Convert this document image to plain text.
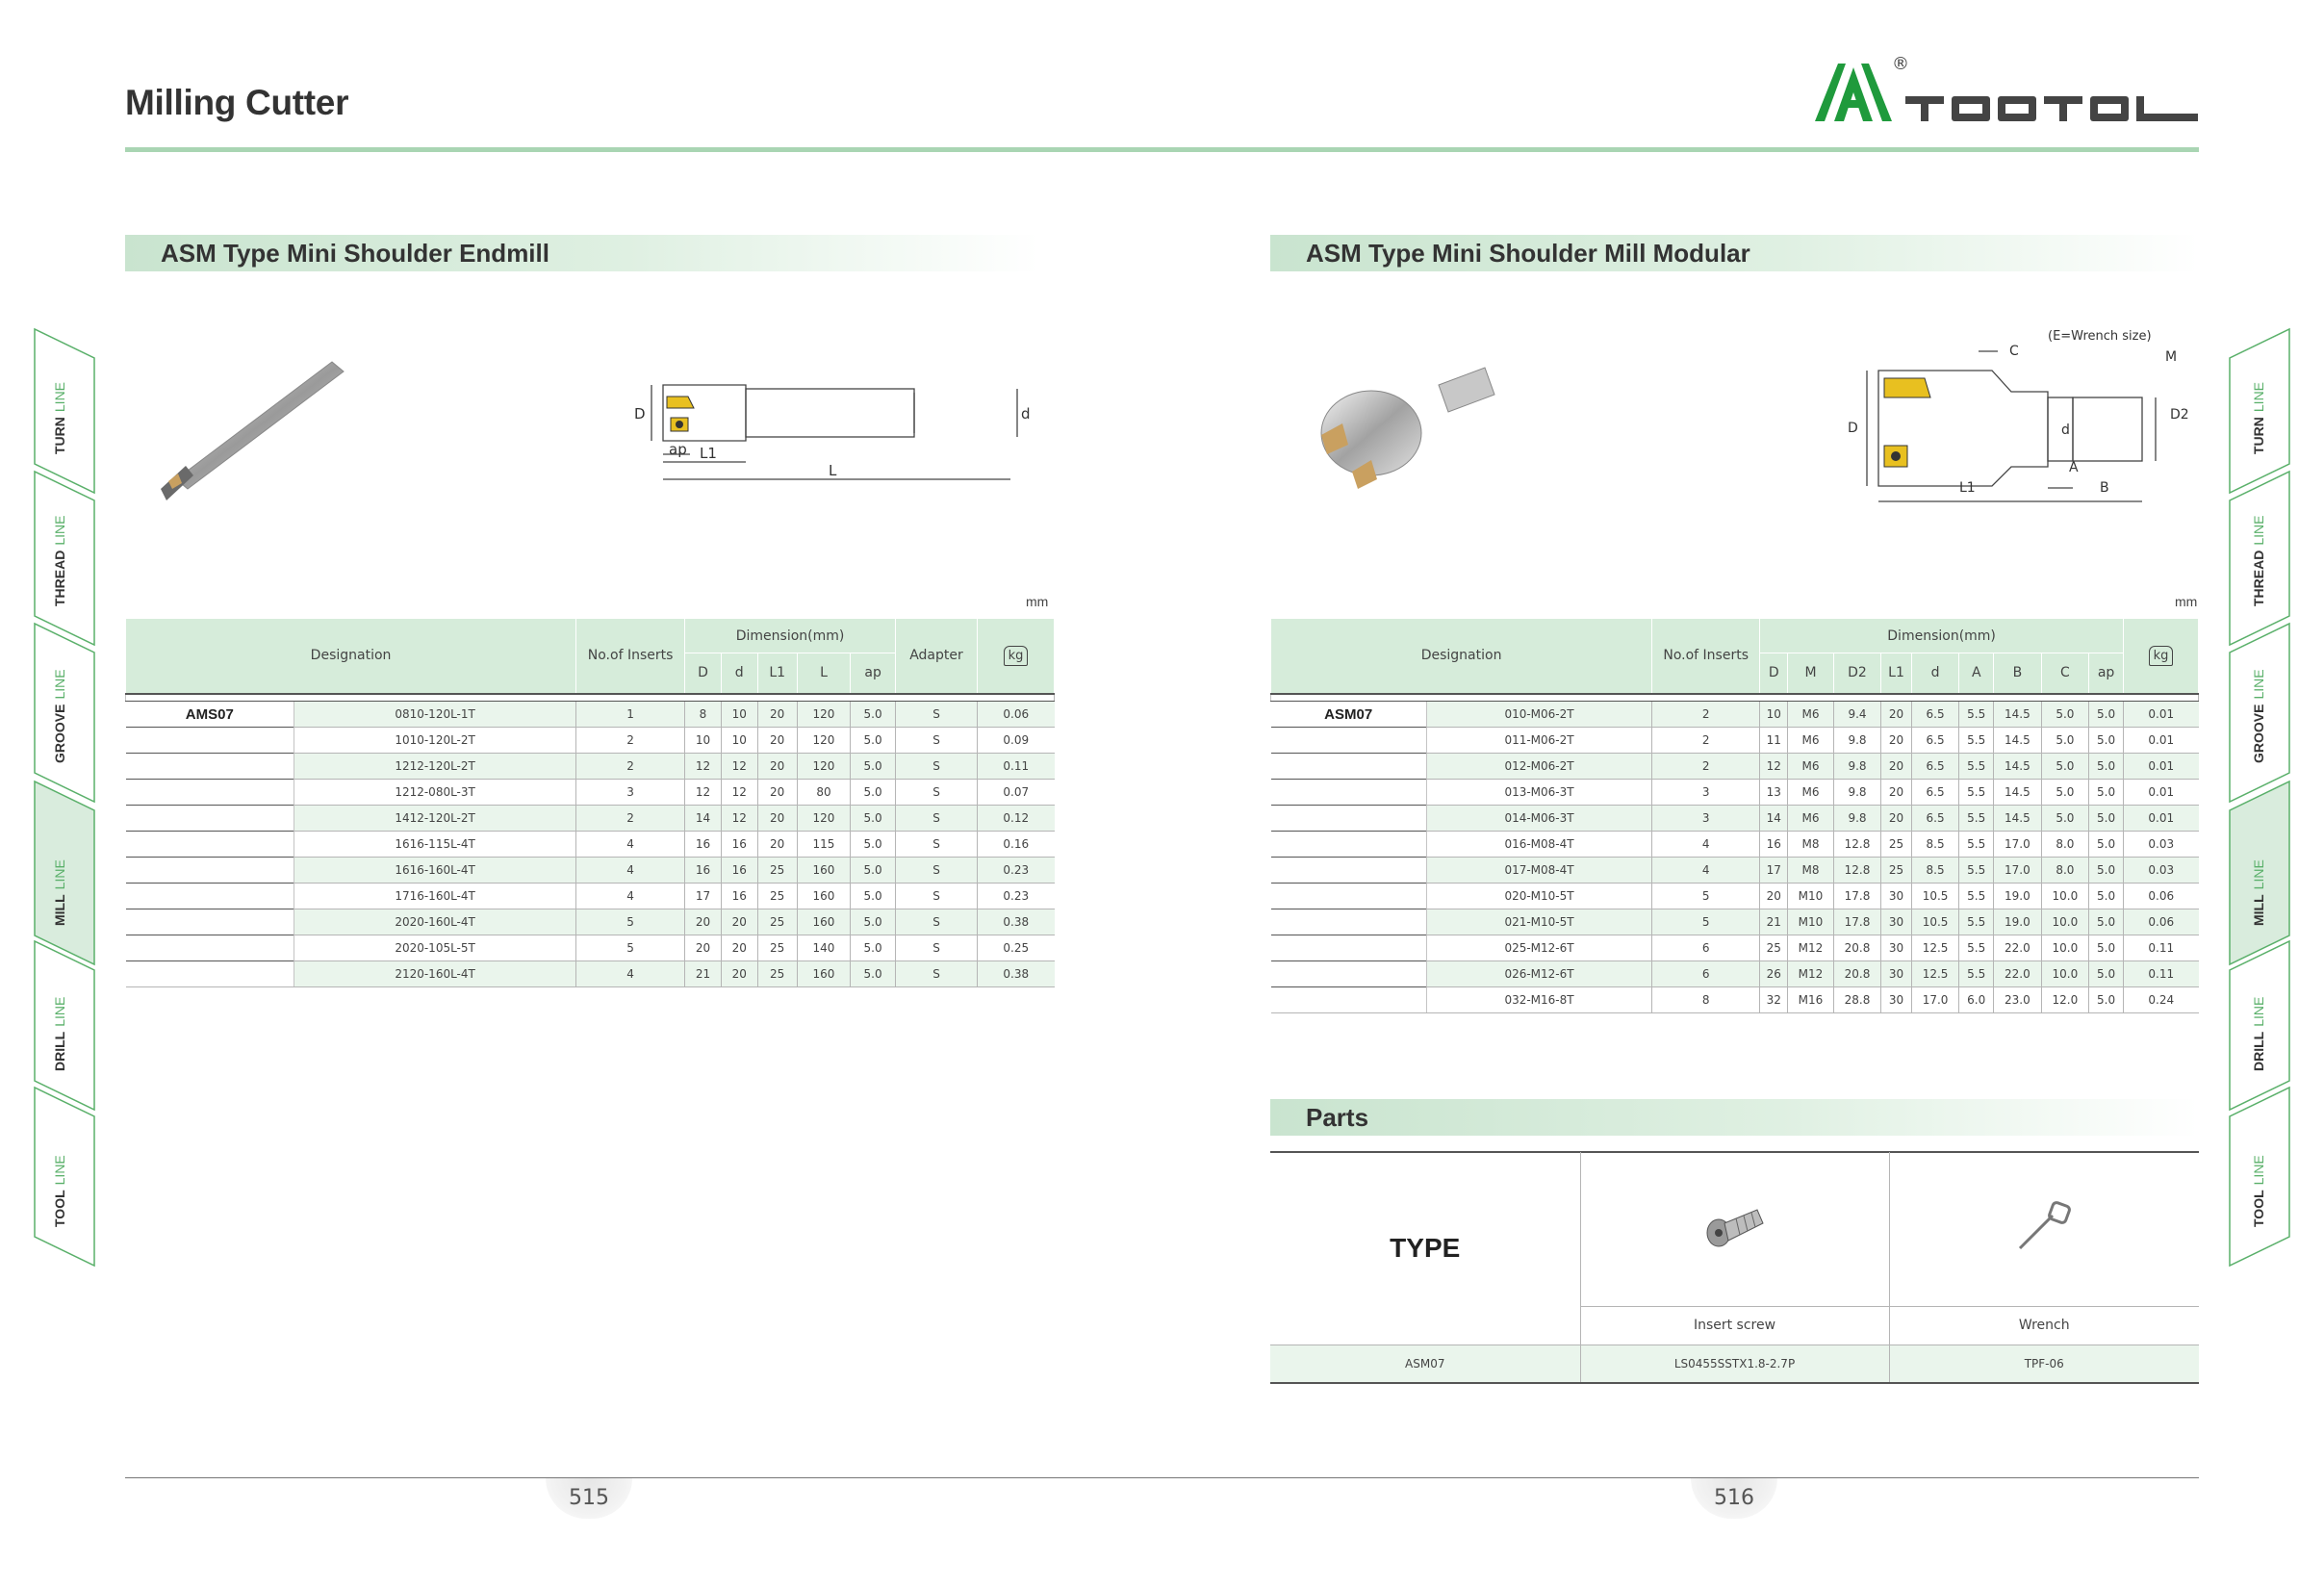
Milling Cutter
®
ASM Type Mini Shoulder Endmill
D	d
ap L1
L
mm
Designation		No.of Inserts	Dimension(mm)					Adapter	kg
			D	d	L1	L	ap		

AMS07	0810-120L-1T	1	8	10	20	120	5.0	S	0.06
	1010-120L-2T	2	10	10	20	120	5.0	S	0.09
	1212-120L-2T	2	12	12	20	120	5.0	S	0.11
	1212-080L-3T	3	12	12	20	80	5.0	S	0.07
	1412-120L-2T	2	14	12	20	120	5.0	S	0.12
	1616-115L-4T	4	16	16	20	115	5.0	S	0.16
	1616-160L-4T	4	16	16	25	160	5.0	S	0.23
	1716-160L-4T	4	17	16	25	160	5.0	S	0.23
	2020-160L-4T	5	20	20	25	160	5.0	S	0.38
	2020-105L-5T	5	20	20	25	140	5.0	S	0.25
	2120-160L-4T	4	21	20	25	160	5.0	S	0.38
ASM Type Mini Shoulder Mill Modular
(E=Wrench size)
C	M
D	d
D2
A
L1	B
mm
Designation		No.of Inserts	Dimension(mm)									kg
			D	M	D2	L1	d	A	B	C	ap	

ASM07	010-M06-2T	2	10	M6	9.4	20	6.5	5.5	14.5	5.0	5.0	0.01
	011-M06-2T	2	11	M6	9.8	20	6.5	5.5	14.5	5.0	5.0	0.01
	012-M06-2T	2	12	M6	9.8	20	6.5	5.5	14.5	5.0	5.0	0.01
	013-M06-3T	3	13	M6	9.8	20	6.5	5.5	14.5	5.0	5.0	0.01
	014-M06-3T	3	14	M6	9.8	20	6.5	5.5	14.5	5.0	5.0	0.01
	016-M08-4T	4	16	M8	12.8	25	8.5	5.5	17.0	8.0	5.0	0.03
	017-M08-4T	4	17	M8	12.8	25	8.5	5.5	17.0	8.0	5.0	0.03
	020-M10-5T	5	20	M10	17.8	30	10.5	5.5	19.0	10.0	5.0	0.06
	021-M10-5T	5	21	M10	17.8	30	10.5	5.5	19.0	10.0	5.0	0.06
	025-M12-6T	6	25	M12	20.8	30	12.5	5.5	22.0	10.0	5.0	0.11
	026-M12-6T	6	26	M12	20.8	30	12.5	5.5	22.0	10.0	5.0	0.11
	032-M16-8T	8	32	M16	28.8	30	17.0	6.0	23.0	12.0	5.0	0.24
Parts
TYPE		
	Insert screw	Wrench
ASM07	LS0455SSTX1.8-2.7P	TPF-06
515	516
TURNLINE
THREADLINE
GROOVELINE
MILLLINE
DRILLLINE
TOOLLINE
TURNLINE
THREADLINE
GROOVELINE
MILLLINE
DRILLLINE
TOOLLINE
